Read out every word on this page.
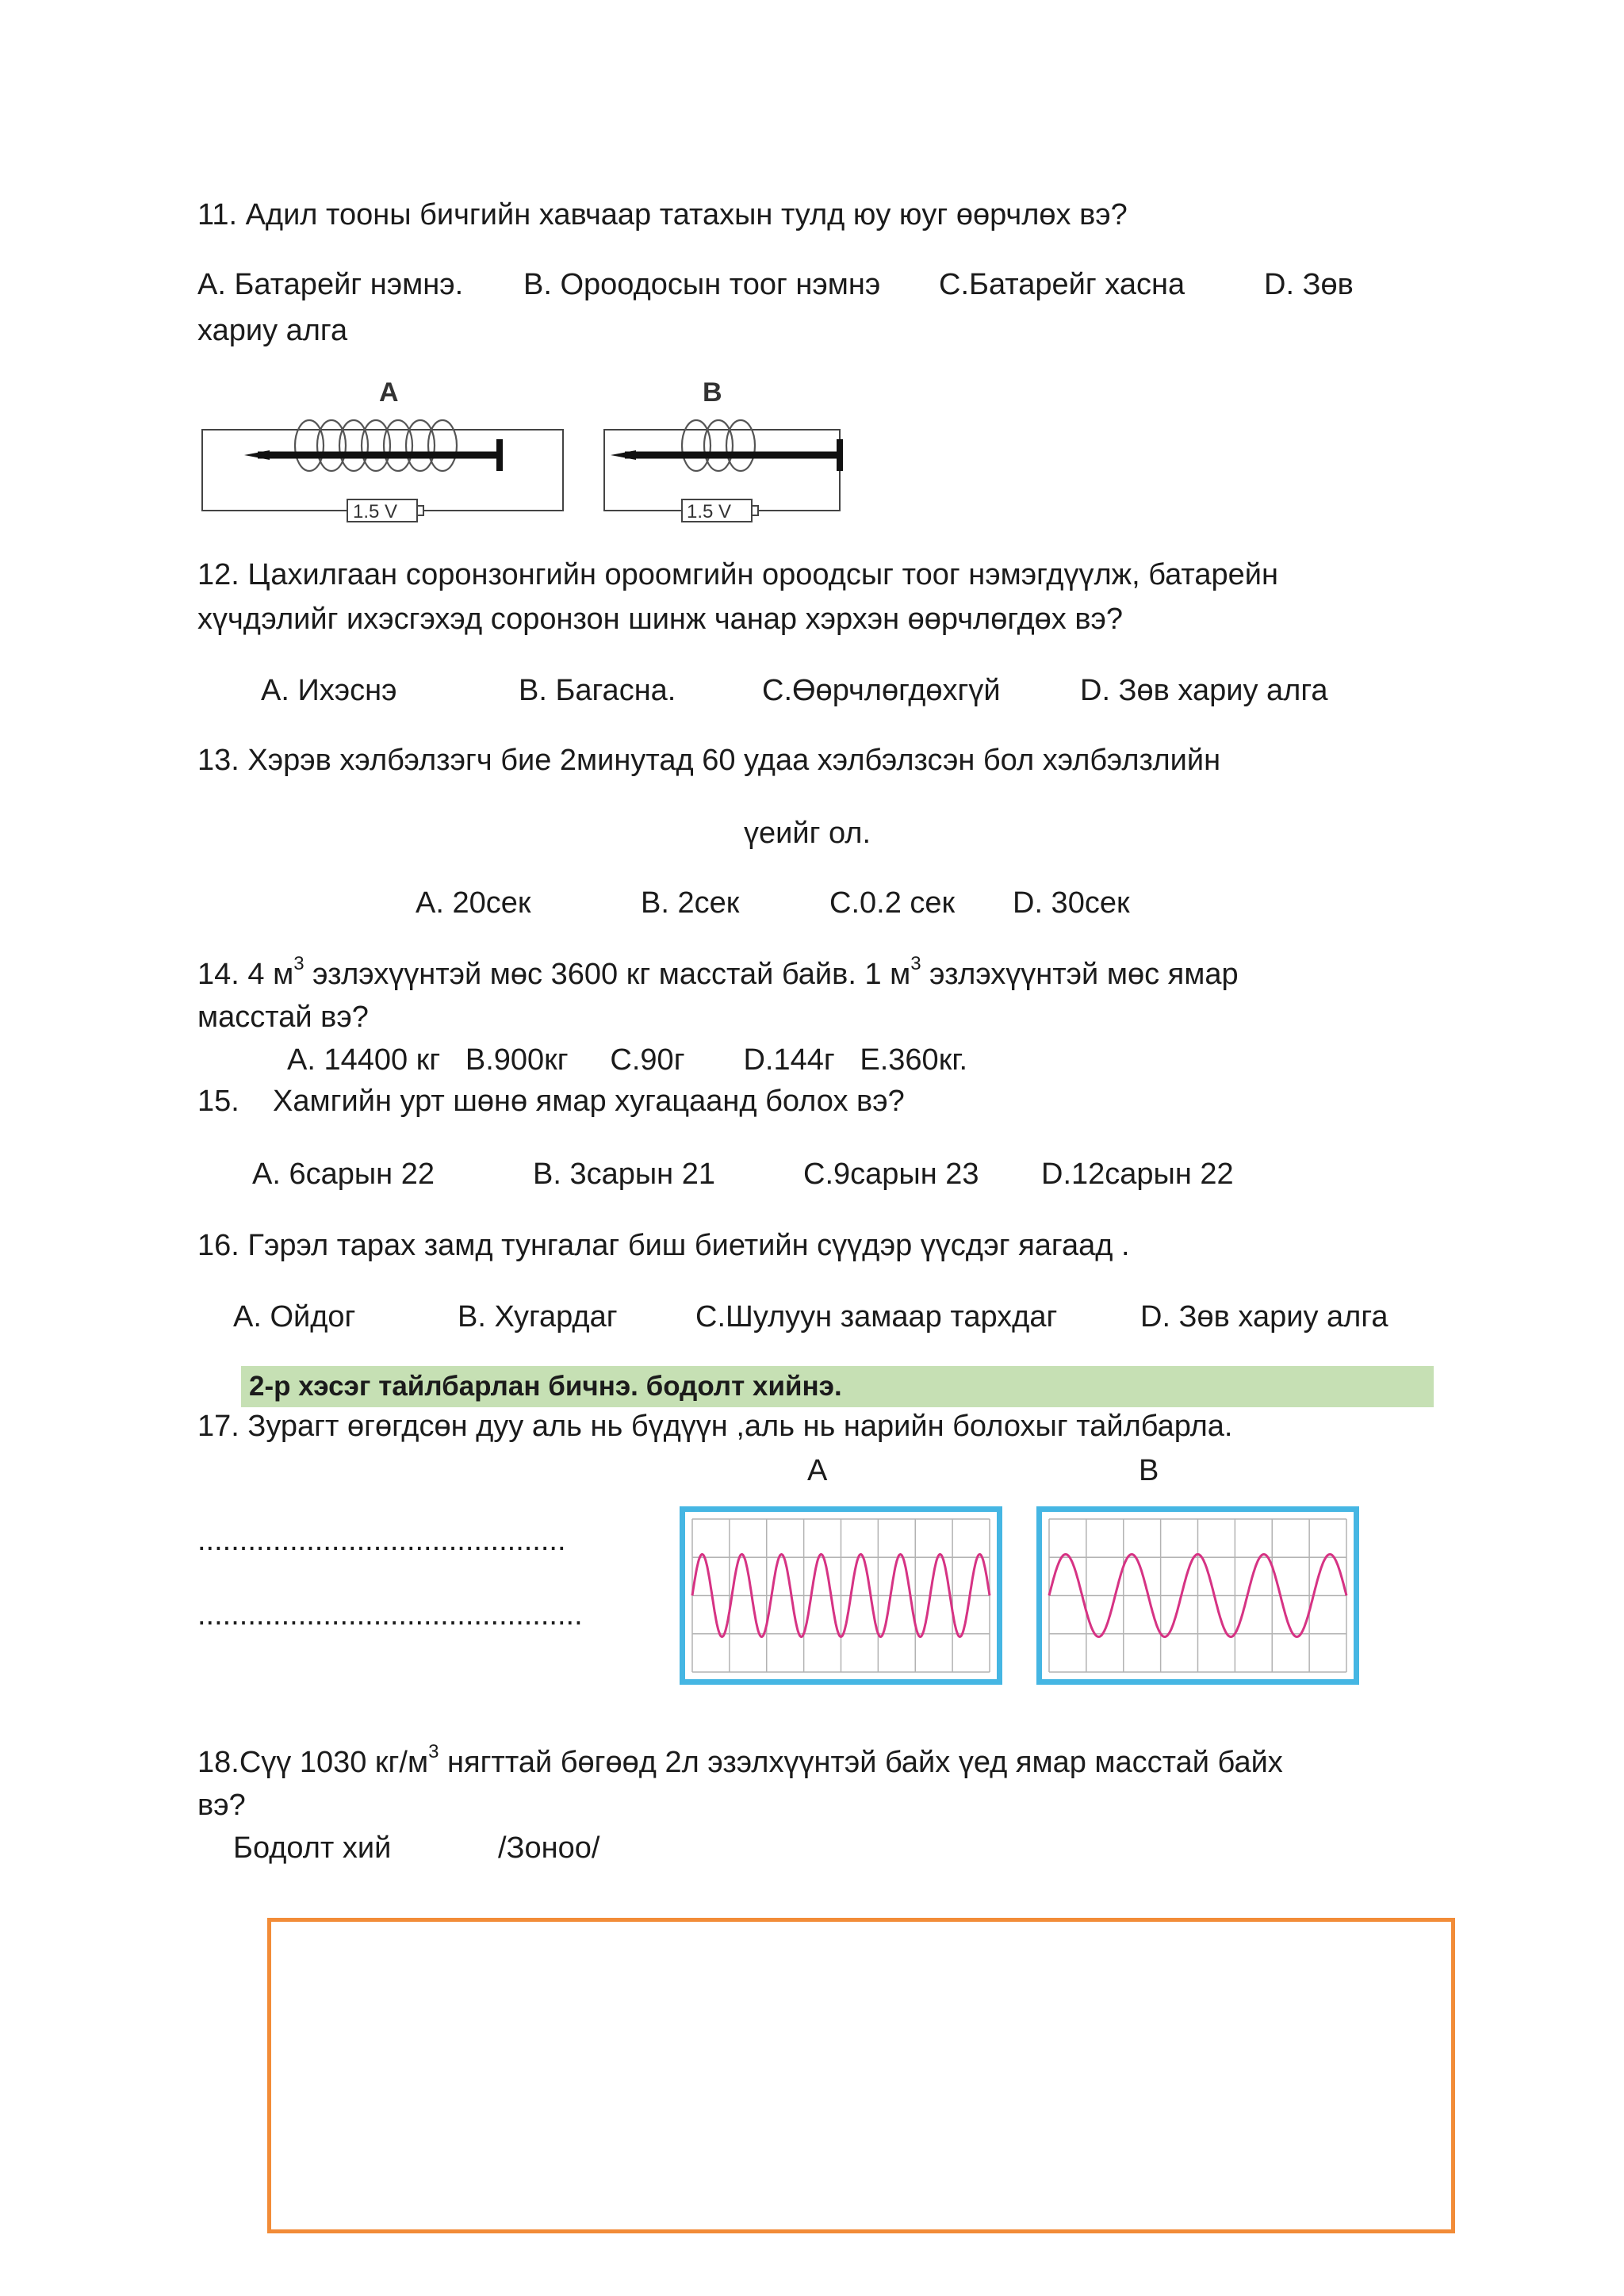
11. Адил тооны бичгийн хавчаар татахын тулд юу юуг өөрчлөх вэ?

A. Батарейг нэмнэ. B. Ороодосын тоог нэмнэ C.Батарейг хасна	D. Зөв

хариу алга

1.5 V
A
1.5 V
B

12. Цахилгаан соронзонгийн ороомгийн ороодсыг тоог нэмэгдүүлж, батарейн

хүчдэлийг ихэсгэхэд соронзон шинж чанар хэрхэн өөрчлөгдөх вэ?

A. Ихэснэ	B. Багасна.	C.Өөрчлөгдөхгүй	D. Зөв хариу алга

13. Хэрэв хэлбэлзэгч бие 2минутад 60 удаа хэлбэлзсэн бол хэлбэлзлийн

үеийг ол.

A. 20сек	B. 2сек	C.0.2 сек D. 30сек

14. 4 $м^3$ эзлэхүүнтэй мөс 3600 кг масстай байв. 1 $м^3$ эзлэхүүнтэй мөс ямар

масстай вэ?

A. 14400 кг   B.900кг     C.90г       D.144г   E.360кг.

15.    Хамгийн урт шөнө ямар хугацаанд болох вэ?

A. 6сарын 22	B. 3сарын 21	C.9сарын 23 D.12сарын 22

16. Гэрэл тарах замд тунгалаг биш биетийн сүүдэр үүсдэг яагаад .

A. Ойдог	B. Хугардаг	C.Шулуун замаар тархдаг	D. Зөв хариу алга

2-р хэсэг тайлбарлан бичнэ. бодолт хийнэ.

17. Зурагт өгөгдсөн дуу аль нь бүдүүн ,аль нь нарийн болохыг тайлбарла.

A	B

............................................

..............................................

18.Сүү 1030 $кг/м^3$ нягттай бөгөөд 2л эзэлхүүнтэй байх үед ямар масстай байх

вэ?

Бодолт хий	/Зоноо/
